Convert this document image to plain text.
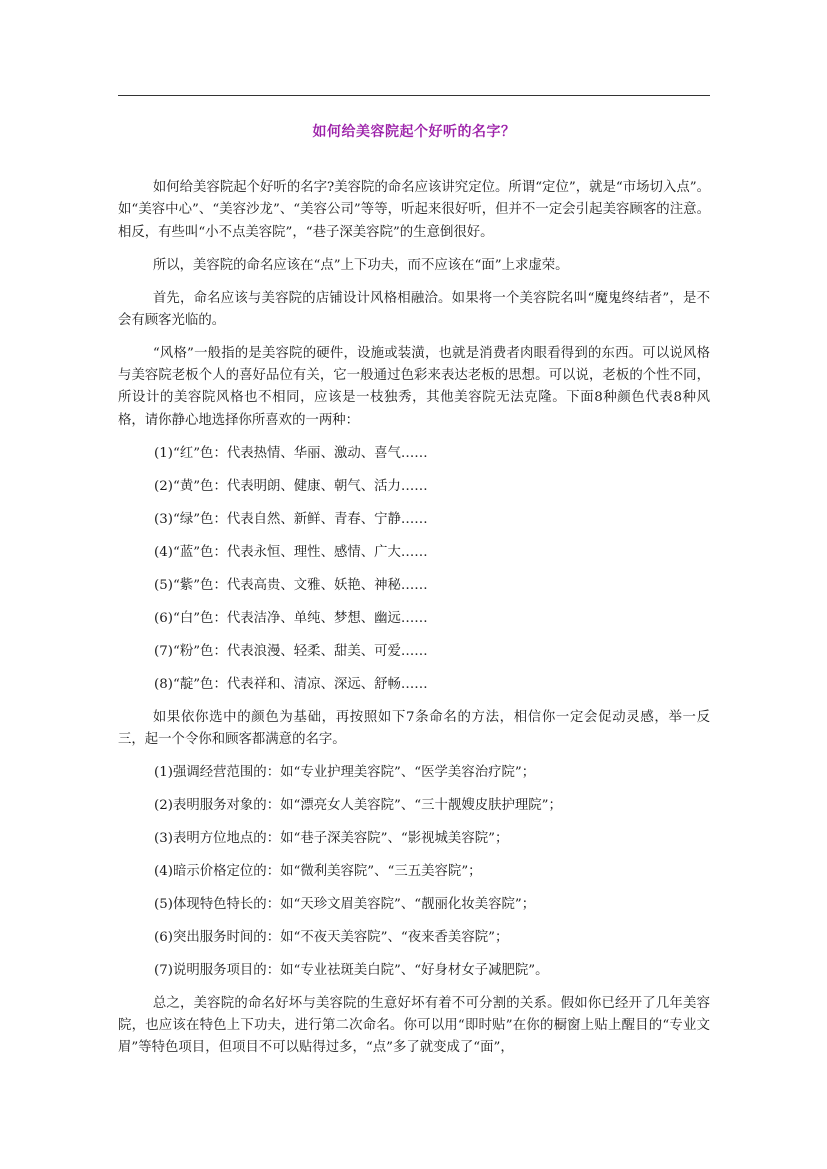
如何给美容院起个好听的名字？

如何给美容院起个好听的名字?美容院的命名应该讲究定位。所谓“定位”，就是“市场切入点”。如“美容中心”、“美容沙龙”、“美容公司”等等，听起来很好听，但并不一定会引起美容顾客的注意。相反，有些叫“小不点美容院”，“巷子深美容院”的生意倒很好。

所以，美容院的命名应该在“点”上下功夫，而不应该在“面”上求虚荣。

首先，命名应该与美容院的店铺设计风格相融洽。如果将一个美容院名叫“魔鬼终结者”，是不会有顾客光临的。

“风格”一般指的是美容院的硬件，设施或装潢，也就是消费者肉眼看得到的东西。可以说风格与美容院老板个人的喜好品位有关，它一般通过色彩来表达老板的思想。可以说，老板的个性不同，所设计的美容院风格也不相同，应该是一枝独秀，其他美容院无法克隆。下面8种颜色代表8种风格，请你静心地选择你所喜欢的一两种：

(1)“红”色：代表热情、华丽、激动、喜气……

(2)“黄”色：代表明朗、健康、朝气、活力……

(3)“绿”色：代表自然、新鲜、青春、宁静……

(4)“蓝”色：代表永恒、理性、感情、广大……

(5)“紫”色：代表高贵、文雅、妖艳、神秘……

(6)“白”色：代表洁净、单纯、梦想、幽远……

(7)“粉”色：代表浪漫、轻柔、甜美、可爱……

(8)“靛”色：代表祥和、清凉、深远、舒畅……

如果依你选中的颜色为基础，再按照如下7条命名的方法，相信你一定会促动灵感，举一反三，起一个令你和顾客都满意的名字。

(1)强调经营范围的：如“专业护理美容院”、“医学美容治疗院”；

(2)表明服务对象的：如“漂亮女人美容院”、“三十靓嫂皮肤护理院”；

(3)表明方位地点的：如“巷子深美容院”、“影视城美容院”；

(4)暗示价格定位的：如“微利美容院”、“三五美容院”；

(5)体现特色特长的：如“天珍文眉美容院”、“靓丽化妆美容院”；

(6)突出服务时间的：如“不夜天美容院”、“夜来香美容院”；

(7)说明服务项目的：如“专业祛斑美白院”、“好身材女子减肥院”。

总之，美容院的命名好坏与美容院的生意好坏有着不可分割的关系。假如你已经开了几年美容院，也应该在特色上下功夫，进行第二次命名。你可以用“即时贴”在你的橱窗上贴上醒目的“专业文眉”等特色项目，但项目不可以贴得过多，“点”多了就变成了“面”，
